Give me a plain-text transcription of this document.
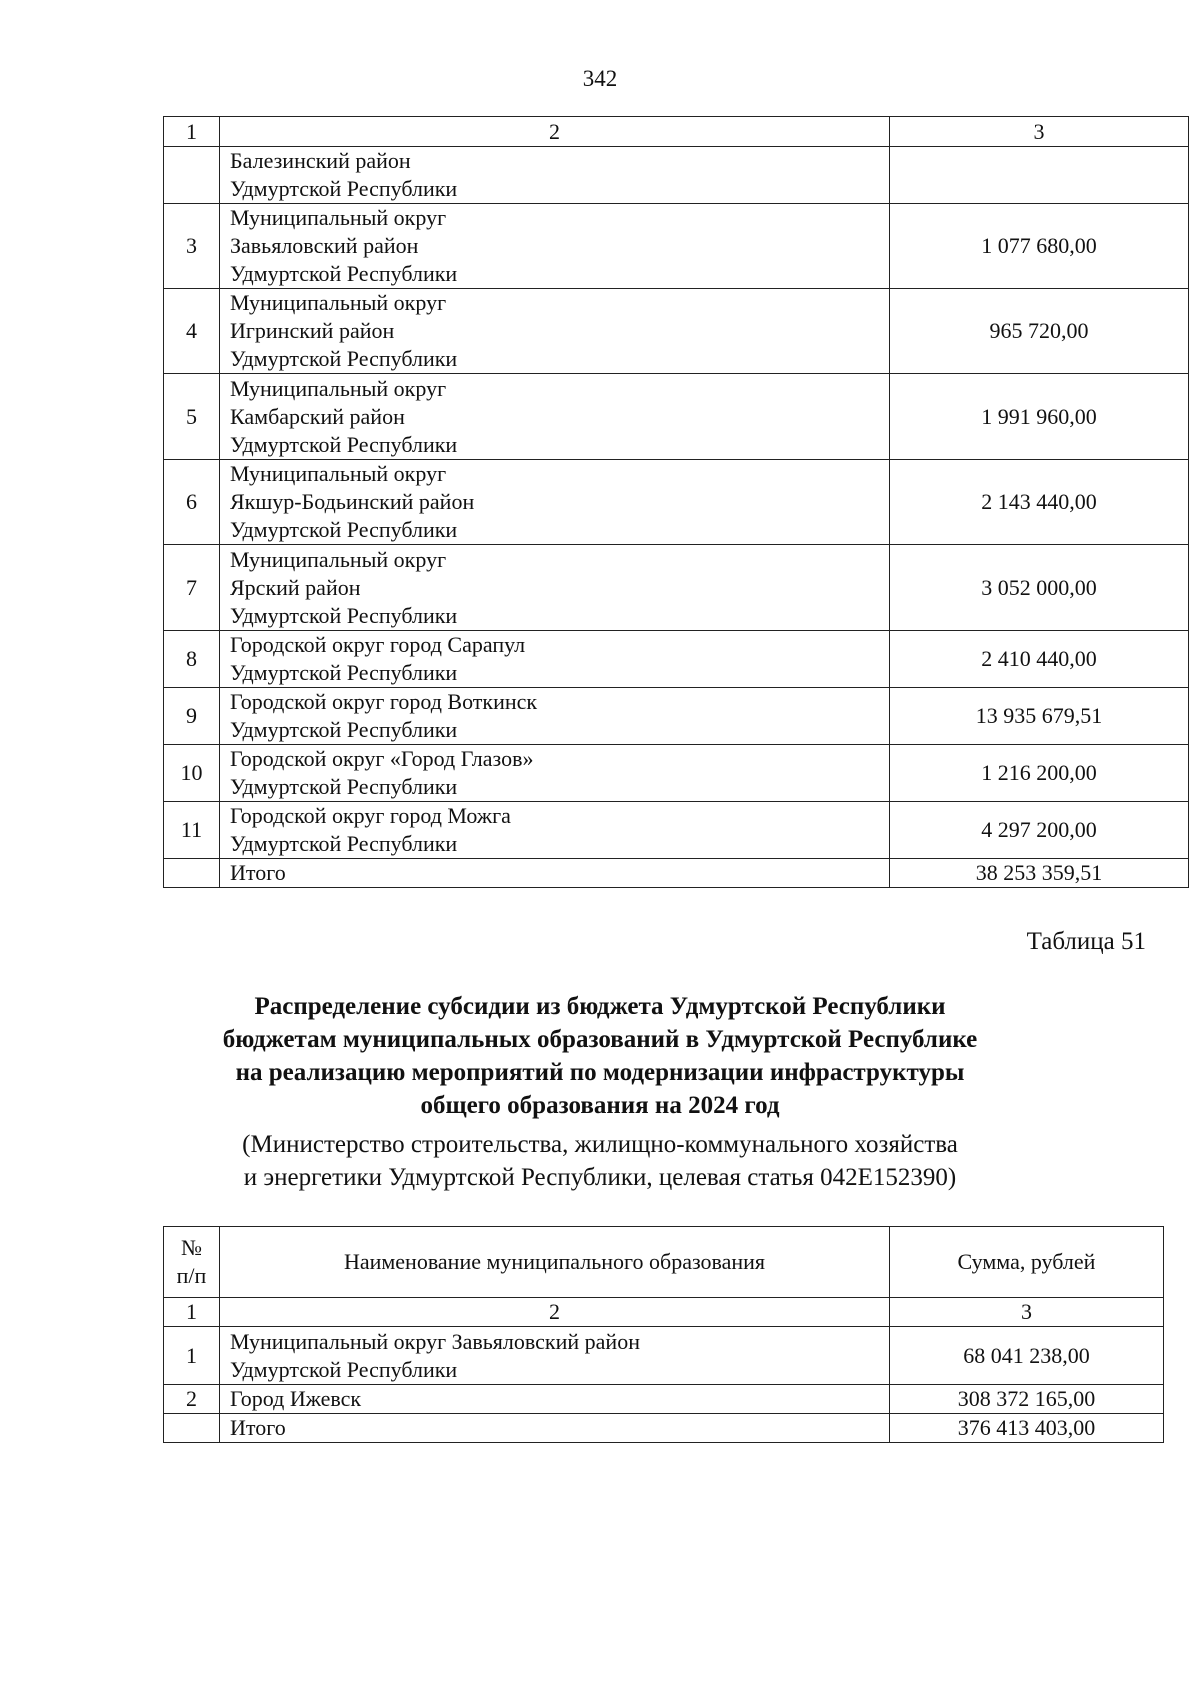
342
1	2	3

	Балезинский район
Удмуртской Республики	

3	Муниципальный округ
Завьяловский район
Удмуртской Республики	1 077 680,00
4	Муниципальный округ
Игринский район
Удмуртской Республики	965 720,00
5	Муниципальный округ
Камбарский район
Удмуртской Республики	1 991 960,00
6	Муниципальный округ
Якшур-Бодьинский район
Удмуртской Республики	2 143 440,00
7	Муниципальный округ
Ярский район
Удмуртской Республики	3 052 000,00
8	Городской округ город Сарапул
Удмуртской Республики	2 410 440,00
9	Городской округ город Воткинск
Удмуртской Республики	13 935 679,51
10	Городской округ «Город Глазов»
Удмуртской Республики	1 216 200,00
11	Городской округ город Можга
Удмуртской Республики	4 297 200,00

	Итого	38 253 359,51
Таблица 51
Распределение субсидии из бюджета Удмуртской Республики
бюджетам муниципальных образований в Удмуртской Республике
на реализацию мероприятий по модернизации инфраструктуры
общего образования на 2024 год
(Министерство строительства, жилищно-коммунального хозяйства
и энергетики Удмуртской Республики, целевая статья 042Е152390)
№
п/п	Наименование муниципального образования	Сумма, рублей
1	2	3
1	Муниципальный округ Завьяловский район
Удмуртской Республики	68 041 238,00
2	Город Ижевск	308 372 165,00

	Итого	376 413 403,00
